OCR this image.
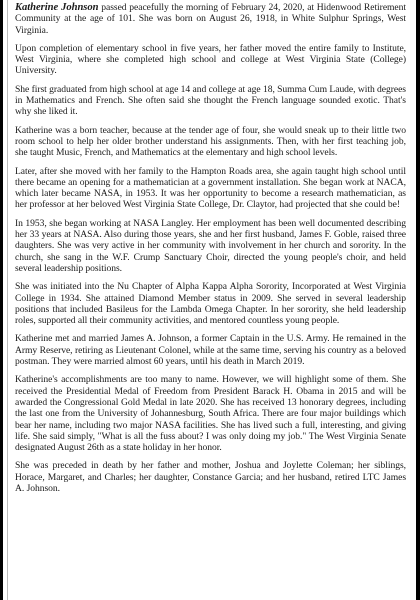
Katherine Johnson passed peacefully the morning of February 24, 2020, at Hidenwood Retirement Community at the age of 101. She was born on August 26, 1918, in White Sulphur Springs, West Virginia.

Upon completion of elementary school in five years, her father moved the entire family to Institute, West Virginia, where she completed high school and college at West Virginia State (College) University.

She first graduated from high school at age 14 and college at age 18, Summa Cum Laude, with degrees in Mathematics and French. She often said she thought the French language sounded exotic. That's why she liked it.

Katherine was a born teacher, because at the tender age of four, she would sneak up to their little two room school to help her older brother understand his assignments. Then, with her first teaching job, she taught Music, French, and Mathematics at the elementary and high school levels.

Later, after she moved with her family to the Hampton Roads area, she again taught high school until there became an opening for a mathematician at a government installation. She began work at NACA, which later became NASA, in 1953. It was her opportunity to become a research mathematician, as her professor at her beloved West Virginia State College, Dr. Claytor, had projected that she could be!

In 1953, she began working at NASA Langley. Her employment has been well documented describing her 33 years at NASA. Also during those years, she and her first husband, James F. Goble, raised three daughters. She was very active in her community with involvement in her church and sorority. In the church, she sang in the W.F. Crump Sanctuary Choir, directed the young people's choir, and held several leadership positions.

She was initiated into the Nu Chapter of Alpha Kappa Alpha Sorority, Incorporated at West Virginia College in 1934. She attained Diamond Member status in 2009. She served in several leadership positions that included Basileus for the Lambda Omega Chapter. In her sorority, she held leadership roles, supported all their community activities, and mentored countless young people.

Katherine met and married James A. Johnson, a former Captain in the U.S. Army. He remained in the Army Reserve, retiring as Lieutenant Colonel, while at the same time, serving his country as a beloved postman. They were married almost 60 years, until his death in March 2019.

Katherine's accomplishments are too many to name. However, we will highlight some of them. She received the Presidential Medal of Freedom from President Barack H. Obama in 2015 and will be awarded the Congressional Gold Medal in late 2020. She has received 13 honorary degrees, including the last one from the University of Johannesburg, South Africa. There are four major buildings which bear her name, including two major NASA facilities. She has lived such a full, interesting, and giving life. She said simply, "What is all the fuss about? I was only doing my job." The West Virginia Senate designated August 26th as a state holiday in her honor.

She was preceded in death by her father and mother, Joshua and Joylette Coleman; her siblings, Horace, Margaret, and Charles; her daughter, Constance Garcia; and her husband, retired LTC James A. Johnson.
